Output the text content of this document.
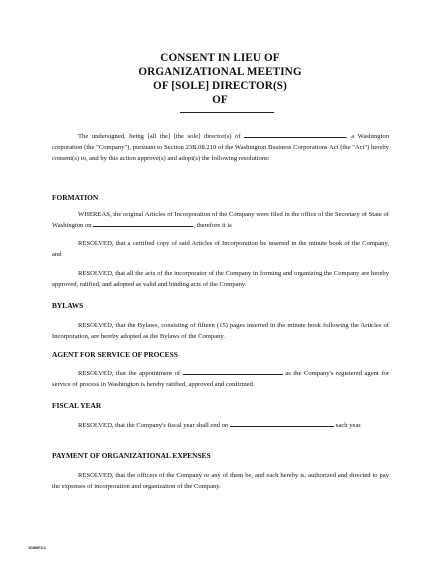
CONSENT IN LIEU OF
ORGANIZATIONAL MEETING
OF [SOLE] DIRECTOR(S)
OF
The undersigned, being [all the] [the sole] director(s) of	, a Washington corporation (the "Company"), pursuant to Section 23B.08.210 of the Washington Business Corporations Act (the "Act") hereby consent(s) to, and by this action approve(s) and adopt(s) the following resolutions:
FORMATION
WHEREAS, the original Articles of Incorporation of the Company were filed in the office of the Secretary of State of Washington on	, therefore it is
RESOLVED, that a certified copy of said Articles of Incorporation be inserted in the minute book of the Company, and
RESOLVED, that all the acts of the incorporator of the Company in forming and organizing the Company are hereby approved, ratified, and adopted as valid and binding acts of the Company.
BYLAWS
RESOLVED, that the Bylaws, consisting of fifteen (15) pages inserted in the minute book following the Articles of Incorporation, are hereby adopted as the Bylaws of the Company.
AGENT FOR SERVICE OF PROCESS
RESOLVED, that the appointment of	as the Company's registered agent for service of process in Washington is hereby ratified, approved and confirmed.
FISCAL YEAR
RESOLVED, that the Company's fiscal year shall end on	each year.
PAYMENT OF ORGANIZATIONAL EXPENSES
RESOLVED, that the officers of the Company or any of them be, and each hereby is, authorized and directed to pay the expenses of incorporation and organization of the Company.
108MF3.1
